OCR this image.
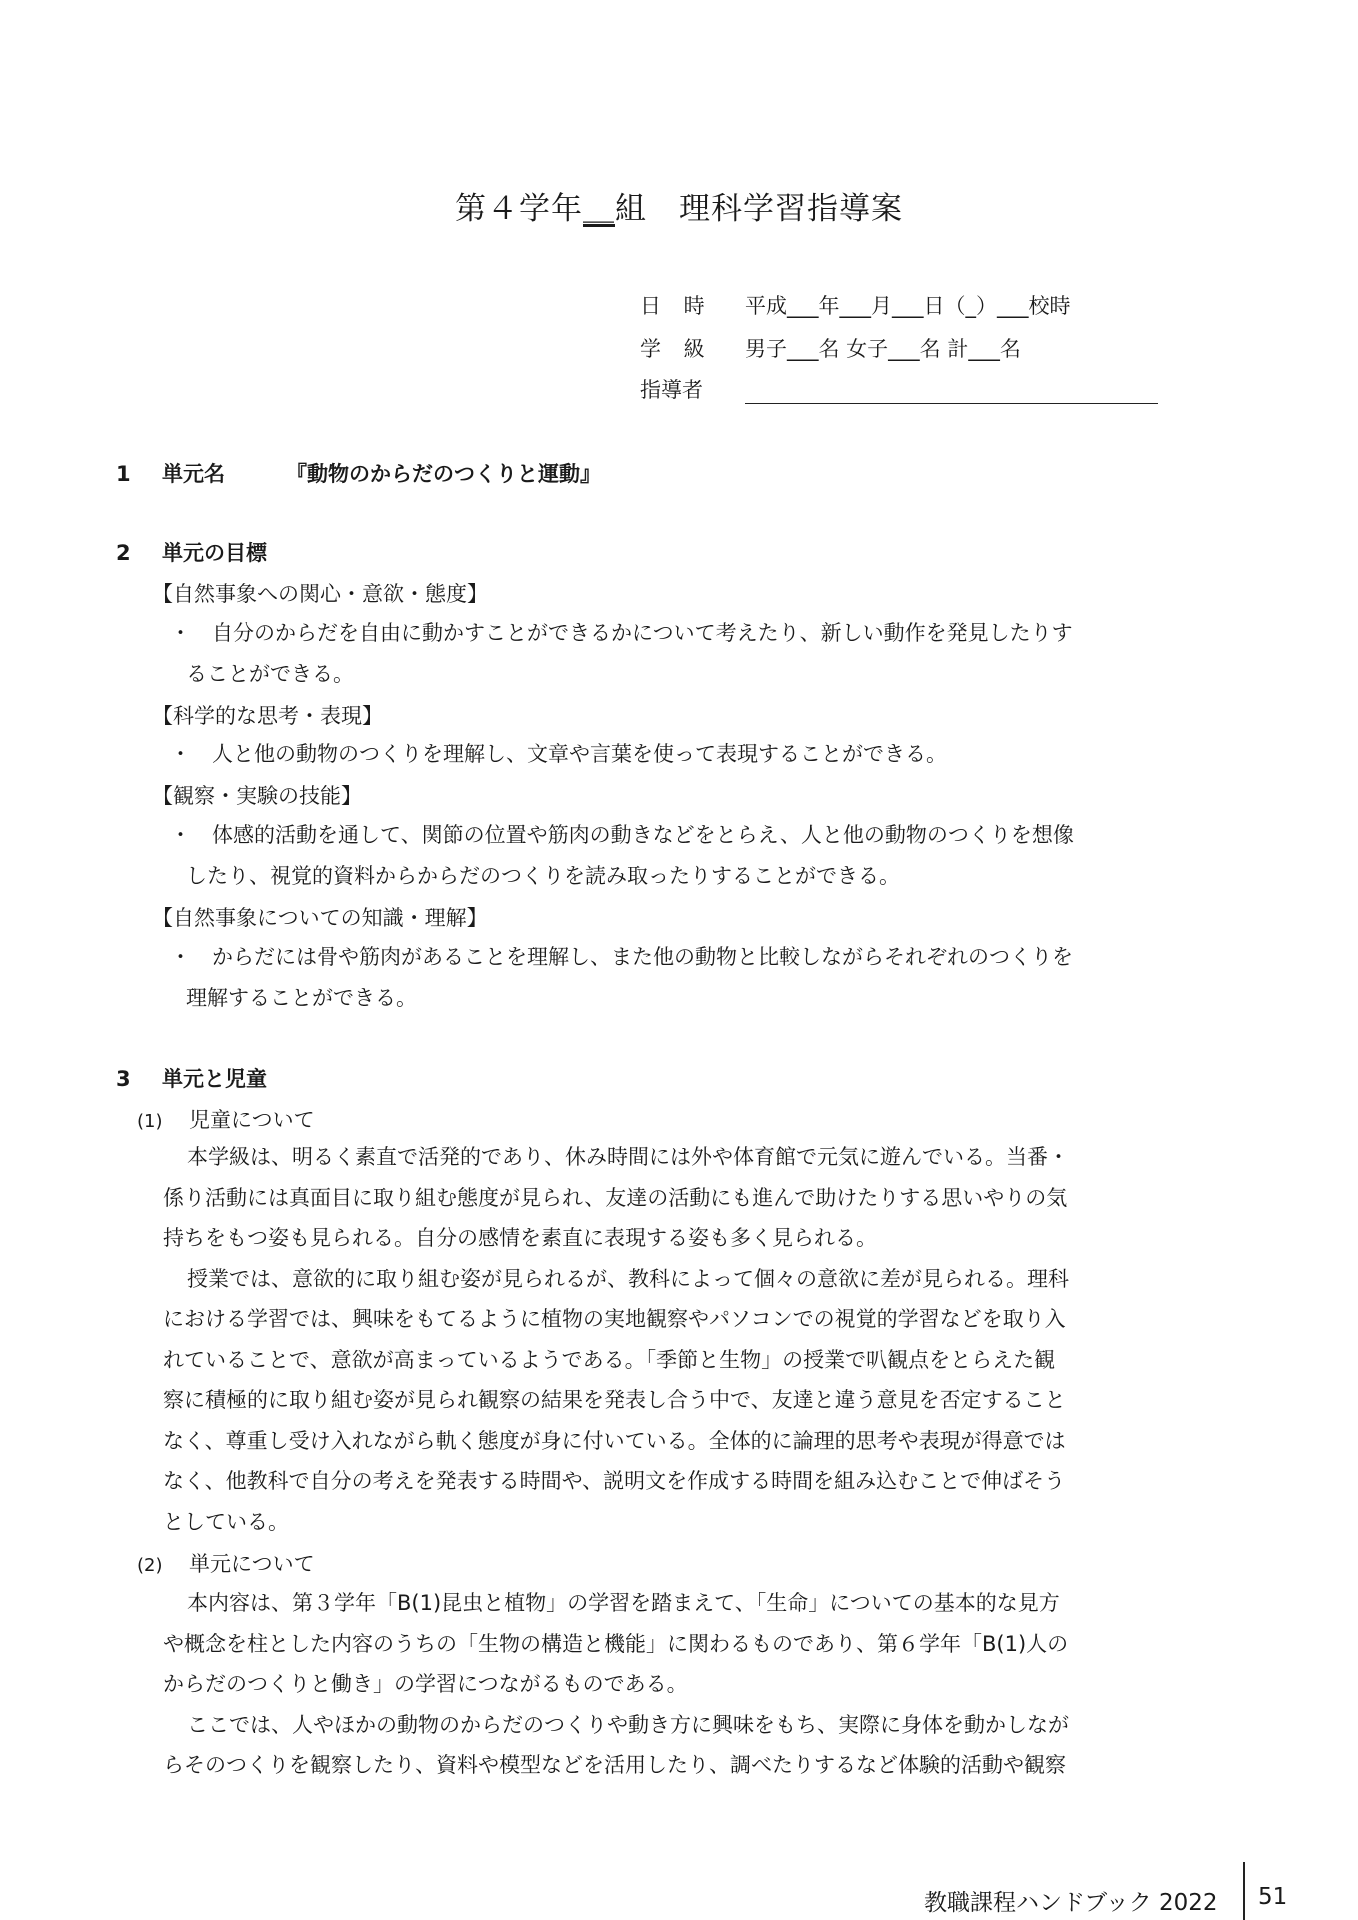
第４学年＿組　理科学習指導案
日 時 平成___年___月___日（_）___校時
学 級 男子___名 女子___名 計___名
指導者
1 単元名	『動物のからだのつくりと運動』
2 単元の目標
【自然事象への関心・意欲・態度】
・	自分のからだを自由に動かすことができるかについて考えたり、新しい動作を発見したりす
ることができる。
【科学的な思考・表現】
・	人と他の動物のつくりを理解し、文章や言葉を使って表現することができる。
【観察・実験の技能】
・	体感的活動を通して、関節の位置や筋肉の動きなどをとらえ、人と他の動物のつくりを想像
したり、視覚的資料からからだのつくりを読み取ったりすることができる。
【自然事象についての知識・理解】
・	からだには骨や筋肉があることを理解し、また他の動物と比較しながらそれぞれのつくりを
理解することができる。
3 単元と児童
(1) 児童について
本学級は、明るく素直で活発的であり、休み時間には外や体育館で元気に遊んでいる。当番・
係り活動には真面目に取り組む態度が見られ、友達の活動にも進んで助けたりする思いやりの気
持ちをもつ姿も見られる。自分の感情を素直に表現する姿も多く見られる。
授業では、意欲的に取り組む姿が見られるが、教科によって個々の意欲に差が見られる。理科
における学習では、興味をもてるように植物の実地観察やパソコンでの視覚的学習などを取り入
れていることで、意欲が高まっているようである。「季節と生物」の授業で叭観点をとらえた観
察に積極的に取り組む姿が見られ観察の結果を発表し合う中で、友達と違う意見を否定すること
なく、尊重し受け入れながら軌く態度が身に付いている。全体的に論理的思考や表現が得意では
なく、他教科で自分の考えを発表する時間や、説明文を作成する時間を組み込むことで伸ばそう
としている。
(2) 単元について
本内容は、第３学年「B(1)昆虫と植物」の学習を踏まえて、「生命」についての基本的な見方
や概念を柱とした内容のうちの「生物の構造と機能」に関わるものであり、第６学年「B(1)人の
からだのつくりと働き」の学習につながるものである。
ここでは、人やほかの動物のからだのつくりや動き方に興味をもち、実際に身体を動かしなが
らそのつくりを観察したり、資料や模型などを活用したり、調べたりするなど体験的活動や観察
教職課程ハンドブック 2022 51
